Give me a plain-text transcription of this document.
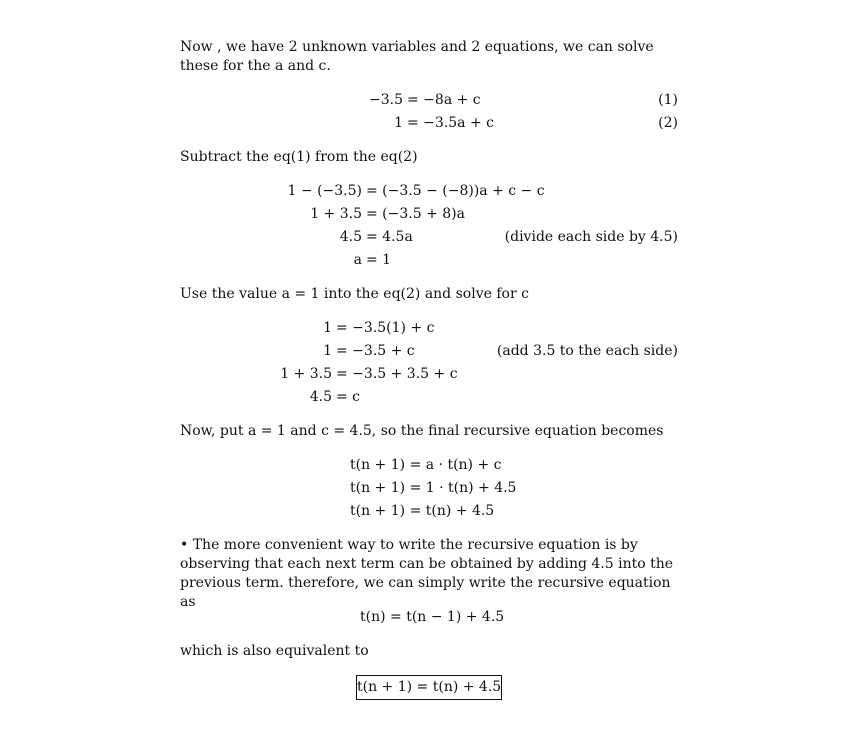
Now , we have 2 unknown variables and 2 equations, we can solve these for the a and c.

−3.5 = −8a + c	(1)
1 = −3.5a + c	(2)

Subtract the eq(1) from the eq(2)

1 − (−3.5) = (−3.5 − (−8))a + c − c
1 + 3.5 = (−3.5 + 8)a
4.5 = 4.5a	(divide each side by 4.5)
a = 1

Use the value a = 1 into the eq(2) and solve for c

1 = −3.5(1) + c
1 = −3.5 + c	(add 3.5 to the each side)
1 + 3.5 = −3.5 + 3.5 + c
4.5 = c

Now, put a = 1 and c = 4.5, so the final recursive equation becomes

t(n + 1) = a · t(n) + c
t(n + 1) = 1 · t(n) + 4.5
t(n + 1) = t(n) + 4.5

• The more convenient way to write the recursive equation is by observing that each next term can be obtained by adding 4.5 into the previous term. therefore, we can simply write the recursive equation as

t(n) = t(n − 1) + 4.5

which is also equivalent to

t(n + 1) = t(n) + 4.5
